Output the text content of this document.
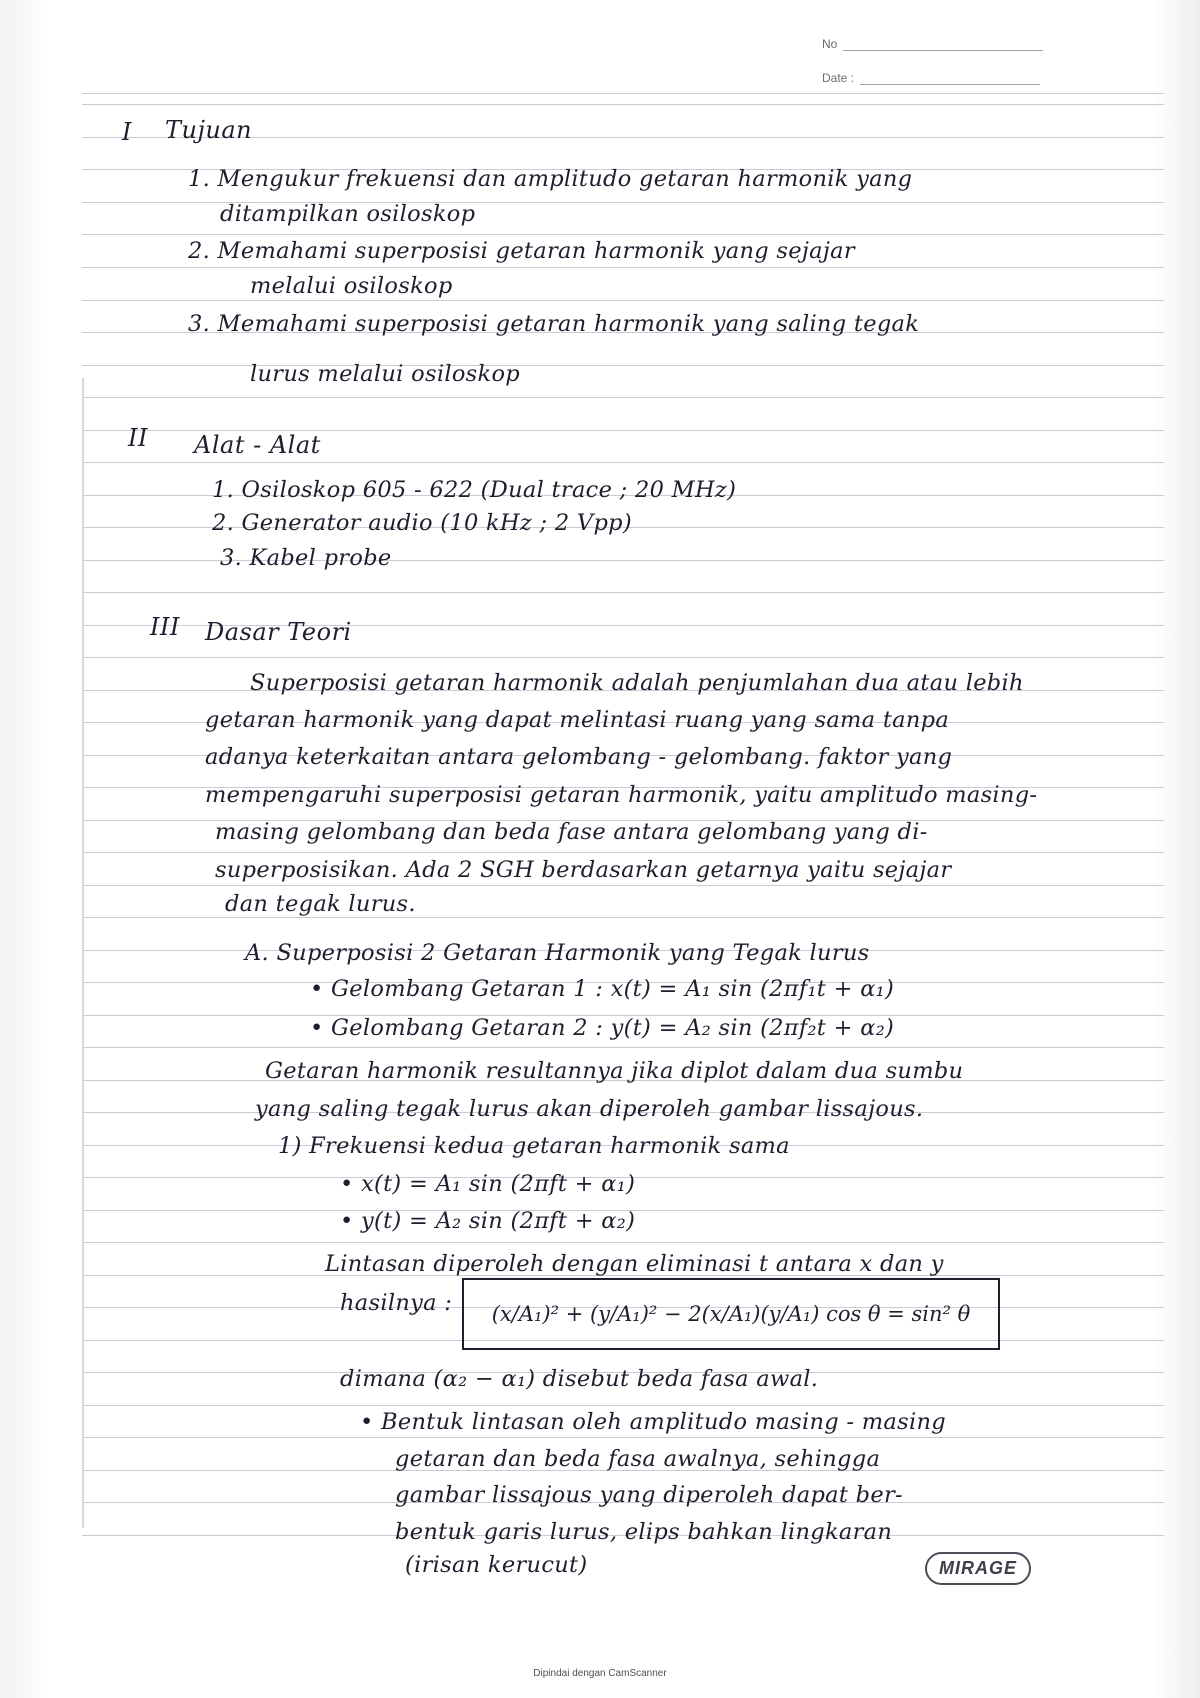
No
Date :
I Tujuan
1. Mengukur frekuensi dan amplitudo getaran harmonik yang
ditampilkan osiloskop
2. Memahami superposisi getaran harmonik yang sejajar
melalui osiloskop
3. Memahami superposisi getaran harmonik yang saling tegak
lurus melalui osiloskop
II Alat - Alat
1. Osiloskop 605 - 622 (Dual trace ; 20 MHz)
2. Generator audio (10 kHz ; 2 Vpp)
3. Kabel probe
III Dasar Teori
Superposisi getaran harmonik adalah penjumlahan dua atau lebih
getaran harmonik yang dapat melintasi ruang yang sama tanpa
adanya keterkaitan antara gelombang - gelombang. faktor yang
mempengaruhi superposisi getaran harmonik, yaitu amplitudo masing-
masing gelombang dan beda fase antara gelombang yang di-
superposisikan. Ada 2 SGH berdasarkan getarnya yaitu sejajar
dan tegak lurus.
A. Superposisi 2 Getaran Harmonik yang Tegak lurus
• Gelombang Getaran 1 : x(t) = A₁ sin (2πf₁t + α₁)
• Gelombang Getaran 2 : y(t) = A₂ sin (2πf₂t + α₂)
Getaran harmonik resultannya jika diplot dalam dua sumbu
yang saling tegak lurus akan diperoleh gambar lissajous.
1) Frekuensi kedua getaran harmonik sama
• x(t) = A₁ sin (2πft + α₁)
• y(t) = A₂ sin (2πft + α₂)
Lintasan diperoleh dengan eliminasi t antara x dan y
hasilnya : (x/A₁)² + (y/A₁)² − 2(x/A₁)(y/A₁) cos θ = sin² θ
dimana (α₂ − α₁) disebut beda fasa awal.
• Bentuk lintasan oleh amplitudo masing - masing
getaran dan beda fasa awalnya, sehingga
gambar lissajous yang diperoleh dapat ber-
bentuk garis lurus, elips bahkan lingkaran
(irisan kerucut)	MIRAGE
Dipindai dengan CamScanner
